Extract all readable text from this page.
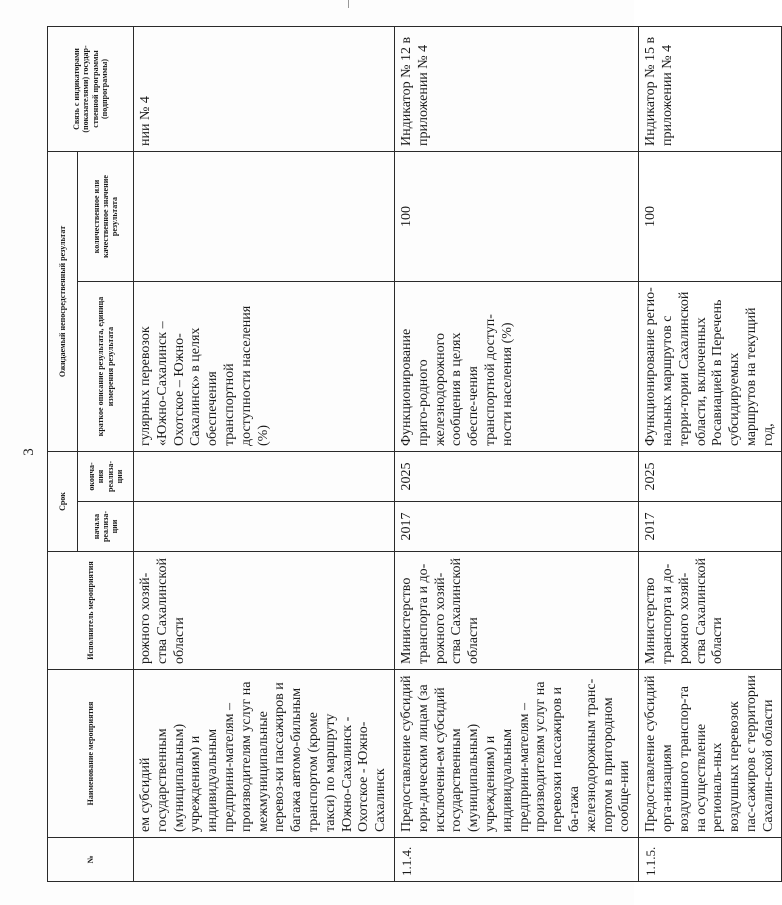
3
№	Наименование мероприятия	Исполнитель мероприятия	Срок		Ожидаемый непосредственный результат		Связь с индикаторами (показателями) государ-ственной программы (подпрограммы)
			начала реализа-ции	оконча-ния реализа-ции	краткое описание результата, единица измерения результата	количественное или качественное значение результата	
	ем субсидий государственным (муниципальным) учреждениям) и индивидуальным предприни-мателям – производителям услуг на межмуниципальные перевоз-ки пассажиров и багажа автомо-бильным транспортом (кроме такси) по маршруту Южно-Сахалинск - Охотское - Южно-Сахалинск	рожного хозяй-ства Сахалинской области			гулярных перевозок «Южно-Сахалинск – Охотское – Южно-Сахалинск» в целях обеспечения транспортной доступности населения (%)		нии № 4
1.1.4.	Предоставление субсидий юри-дическим лицам (за исключени-ем субсидий государственным (муниципальным) учреждениям) и индивидуальным предприни-мателям – производителям услуг на перевозки пассажиров и ба-гажа железнодорожным транс-портом в пригородном сообще-нии	Министерство транспорта и до-рожного хозяй-ства Сахалинской области	2017	2025	Функционирование приго-родного железнодорожного сообщения в целях обеспе-чения транспортной доступ-ности населения (%)	100	Индикатор № 12 в приложении № 4
1.1.5.	Предоставление субсидий орга-низациям воздушного транспор-та на осуществление региональ-ных воздушных перевозок пас-сажиров с территории Сахалин-ской области	Министерство транспорта и до-рожного хозяй-ства Сахалинской области	2017	2025	Функционирование регио-нальных маршрутов с терри-тории Сахалинской области, включенных Росавиацией в Перечень субсидируемых маршрутов на текущий год,	100	Индикатор № 15 в приложении № 4
